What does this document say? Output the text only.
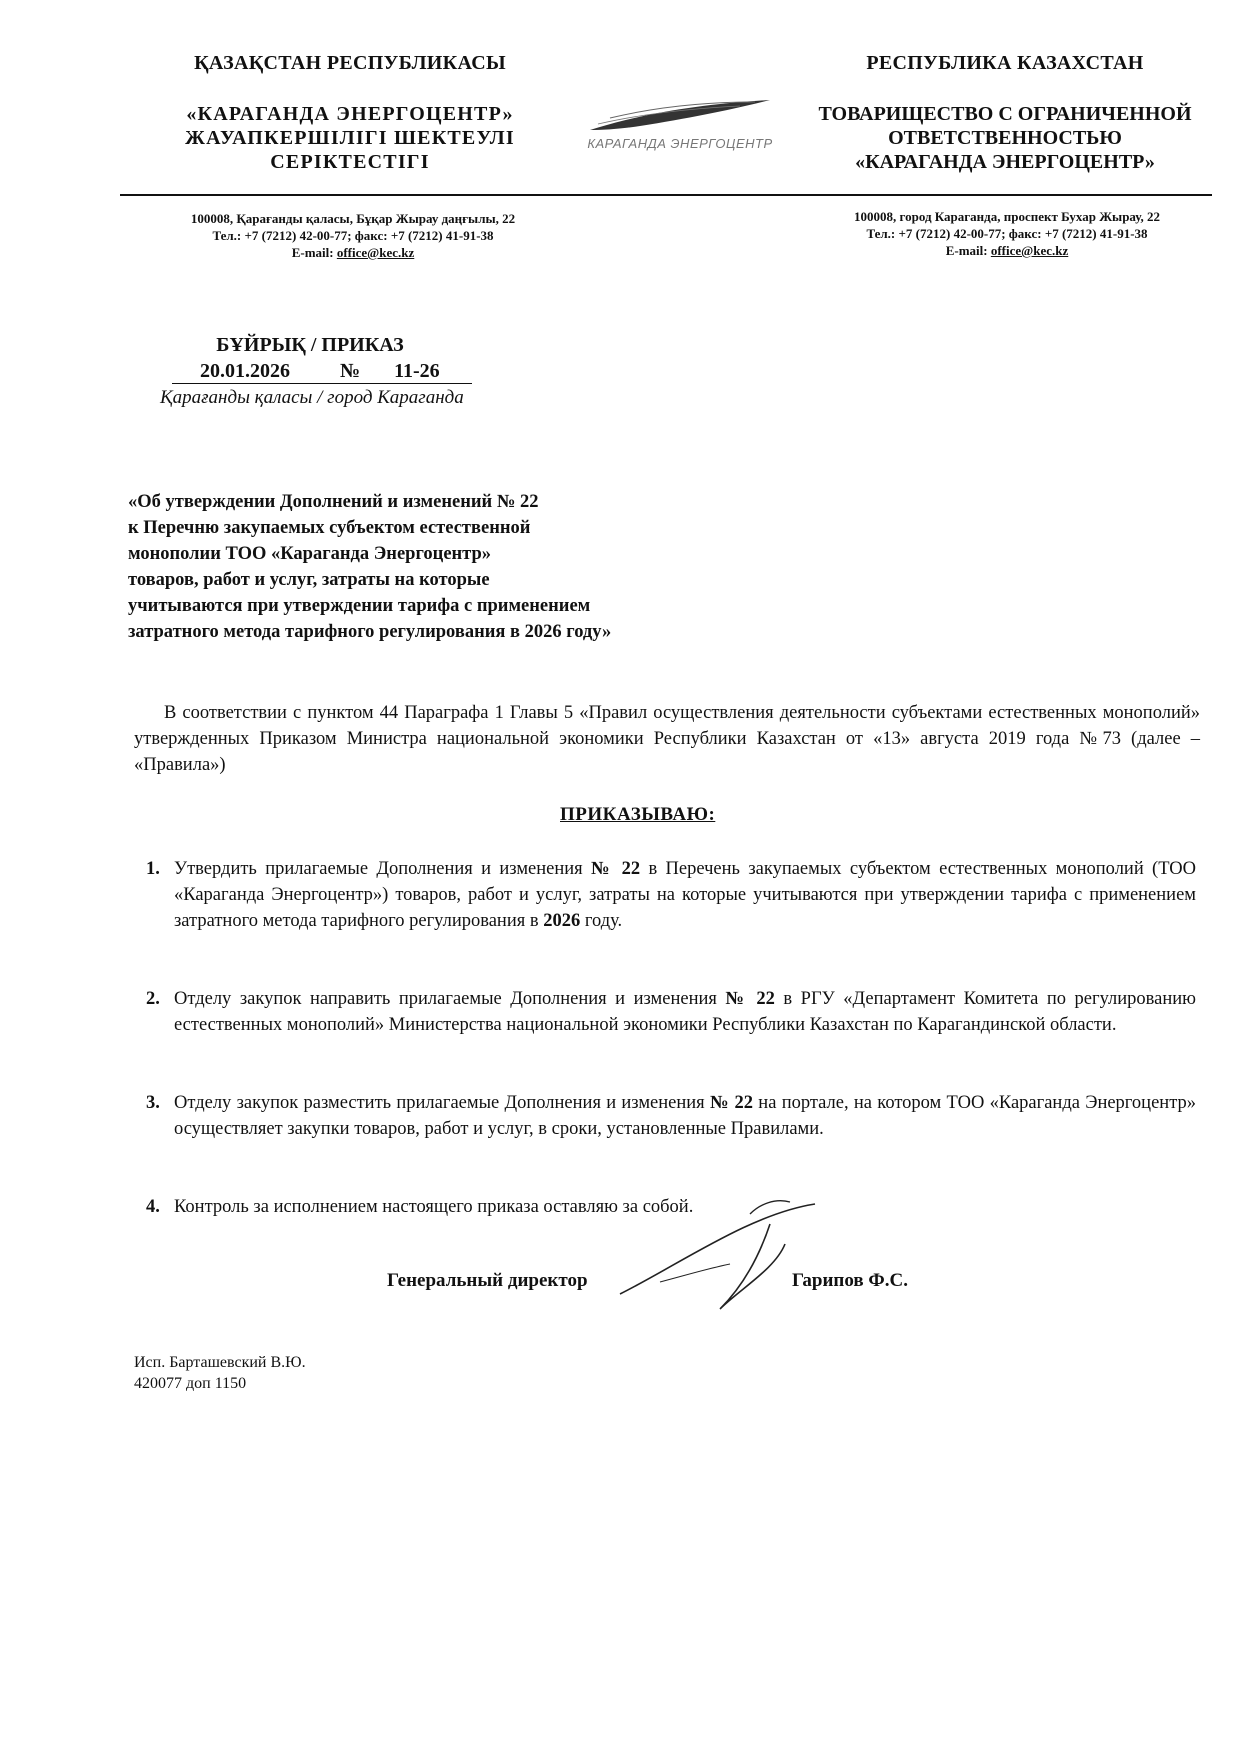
ҚАЗАҚСТАН РЕСПУБЛИКАСЫ
«КАРАГАНДА ЭНЕРГОЦЕНТР»
ЖАУАПКЕРШІЛІГІ ШЕКТЕУЛІ
СЕРІКТЕСТІГІ
КАРАГАНДА ЭНЕРГОЦЕНТР
РЕСПУБЛИКА КАЗАХСТАН
ТОВАРИЩЕСТВО С ОГРАНИЧЕННОЙ
ОТВЕТСТВЕННОСТЬЮ
«КАРАГАНДА ЭНЕРГОЦЕНТР»
100008, Қарағанды қаласы, Бұқар Жырау даңғылы, 22
Тел.: +7 (7212) 42-00-77; факс: +7 (7212) 41-91-38
E-mail: office@kec.kz
100008, город Караганда, проспект Бухар Жырау, 22
Тел.: +7 (7212) 42-00-77; факс: +7 (7212) 41-91-38
E-mail: office@kec.kz
БҰЙРЫҚ / ПРИКАЗ
20.01.2026	№ 11-26
Қарағанды қаласы / город Караганда
«Об утверждении Дополнений и изменений № 22
к Перечню закупаемых субъектом естественной
монополии ТОО «Караганда Энергоцентр»
товаров, работ и услуг, затраты на которые
учитываются при утверждении тарифа с применением
затратного метода тарифного регулирования в 2026 году»
В соответствии с пунктом 44 Параграфа 1 Главы 5 «Правил осуществления деятельности субъектами естественных монополий» утвержденных Приказом Министра национальной экономики Республики Казахстан от «13» августа 2019 года №73 (далее – «Правила»)
ПРИКАЗЫВАЮ:
1. Утвердить прилагаемые Дополнения и изменения № 22 в Перечень закупаемых субъектом естественных монополий (ТОО «Караганда Энергоцентр») товаров, работ и услуг, затраты на которые учитываются при утверждении тарифа с применением затратного метода тарифного регулирования в 2026 году.
2. Отделу закупок направить прилагаемые Дополнения и изменения № 22 в РГУ «Департамент Комитета по регулированию естественных монополий» Министерства национальной экономики Республики Казахстан по Карагандинской области.
3. Отделу закупок разместить прилагаемые Дополнения и изменения № 22 на портале, на котором ТОО «Караганда Энергоцентр» осуществляет закупки товаров, работ и услуг, в сроки, установленные Правилами.
4. Контроль за исполнением настоящего приказа оставляю за собой.
Генеральный директор	Гарипов Ф.С.
Исп. Барташевский В.Ю.
420077 доп 1150
